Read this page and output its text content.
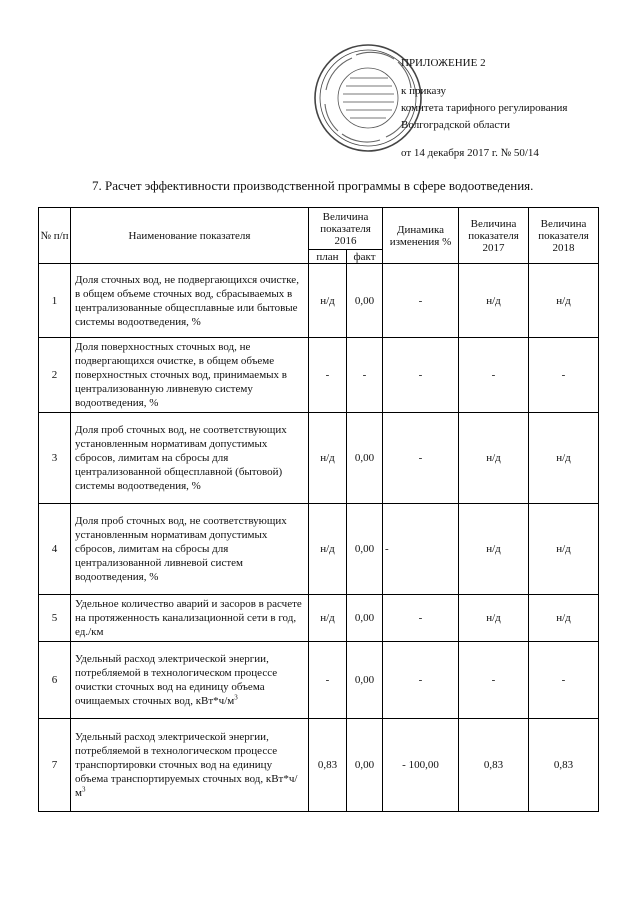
ПРИЛОЖЕНИЕ 2
к приказу
комитета тарифного регулирования
Волгоградской области
от 14 декабря 2017 г. № 50/14
7. Расчет эффективности производственной программы в сфере водоотведения.
№ п/п	Наименование показателя	Величина показателя 2016		Динамика изменения %	Величина показателя 2017	Величина показателя 2018
		план	факт			
1	Доля сточных вод, не подвергающихся очистке, в общем объеме сточных вод, сбрасываемых в централизованные общесплавные или бытовые системы водоотведения, %	н/д	0,00	-	н/д	н/д
2	Доля поверхностных сточных вод, не подвергающихся очистке, в общем объеме поверхностных сточных вод, принимаемых в централизованную ливневую систему водоотведения, %	-	-	-	-	-
3	Доля проб сточных вод, не соответствующих установленным нормативам допустимых сбросов, лимитам на сбросы для централизованной общесплавной (бытовой) системы водоотведения, %	н/д	0,00	-	н/д	н/д
4	Доля проб сточных вод, не соответствующих установленным нормативам допустимых сбросов, лимитам на сбросы для централизованной ливневой систем водоотведения, %	н/д	0,00	-	н/д	н/д
5	Удельное количество аварий и засоров в расчете на протяженность канализационной сети в год, ед./км	н/д	0,00	-	н/д	н/д
6	Удельный расход электрической энергии, потребляемой в технологическом процессе очистки сточных вод на единицу объема очищаемых сточных вод, $кВт*ч/м^3$	-	0,00	-	-	-
7	Удельный расход электрической энергии, потребляемой в технологическом процессе транспортировки сточных вод на единицу объема транспортируемых сточных вод, $кВт*ч/м^3$	0,83	0,00	- 100,00	0,83	0,83
